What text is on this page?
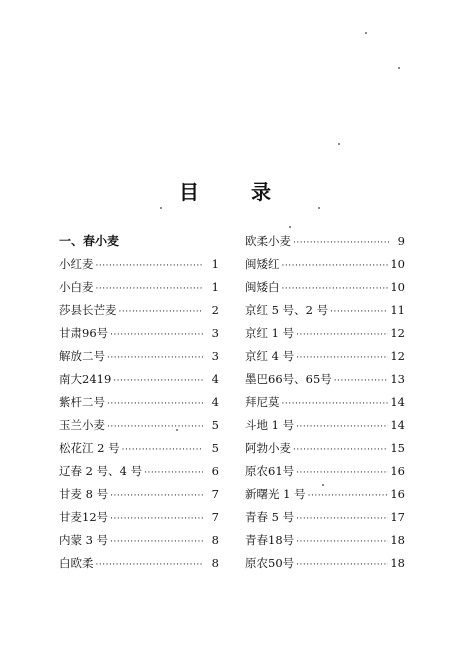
目	录
一、春小麦
小红麦 ·····	1
小白麦 ·····	1
莎县长芒麦 ·····	2
甘肃96号 ·····	3
解放二号 ·····	3
南大2419 ·····	4
紫杆二号 ·····	4
玉兰小麦 ·····	5
松花江 2 号 ·····	5
辽春 2 号、4 号 ·····	6
甘麦 8 号 ·····	7
甘麦12号 ·····	7
内蒙 3 号 ·····	8
白欧柔 ·····	8
欧柔小麦 ·····	9
闽矮红 ·····	10
闽矮白 ·····	10
京红 5 号、2 号 ·····	11
京红 1 号 ·····	12
京红 4 号 ·····	12
墨巴66号、65号 ·····	13
拜尼莫 ·····	14
斗地 1 号 ·····	14
阿勃小麦 ·····	15
原农61号 ·····	16
新曙光 1 号 ·····	16
青春 5 号 ·····	17
青春18号 ·····	18
原农50号 ·····	18
